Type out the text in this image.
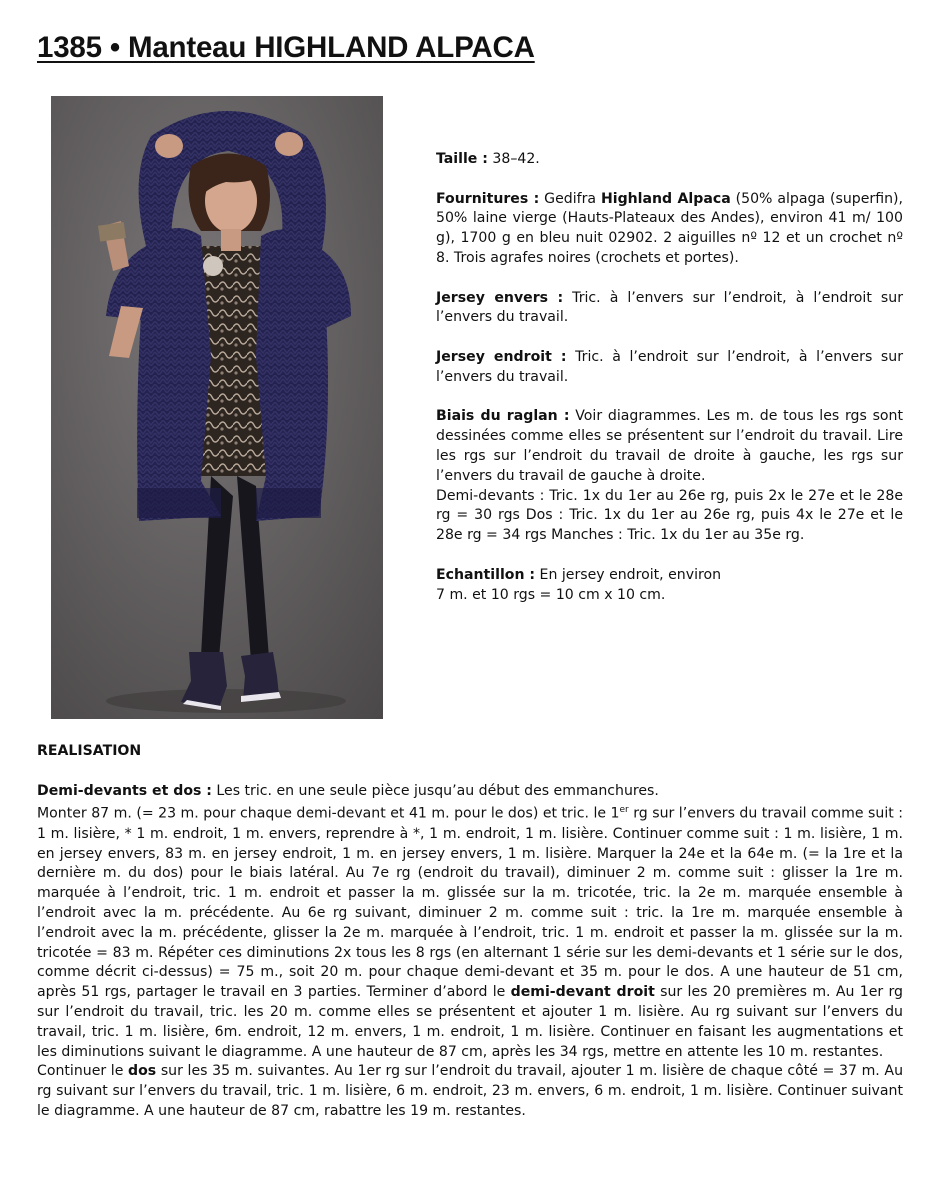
1385 • Manteau HIGHLAND ALPACA

Taille : 38–42.

Fournitures : Gedifra Highland Alpaca (50% alpaga (superfin), 50% laine vierge (Hauts-Plateaux des Andes), environ 41 m/ 100 g), 1700 g en bleu nuit 02902. 2 aiguilles nº 12 et un crochet nº 8. Trois agrafes noires (crochets et portes).

Jersey envers : Tric. à l’envers sur l’endroit, à l’endroit sur l’envers du travail.

Jersey endroit : Tric. à l’endroit sur l’endroit, à l’envers sur l’envers du travail.

Biais du raglan : Voir diagrammes. Les m. de tous les rgs sont dessinées comme elles se présentent sur l’endroit du travail. Lire les rgs sur l’endroit du travail de droite à gauche, les rgs sur l’envers du travail de gauche à droite.
Demi-devants : Tric. 1x du 1er au 26e rg, puis 2x le 27e et le 28e rg = 30 rgs Dos : Tric. 1x du 1er au 26e rg, puis 4x le 27e et le 28e rg = 34 rgs Manches : Tric. 1x du 1er au 35e rg.

Echantillon : En jersey endroit, environ
7 m. et 10 rgs = 10 cm x 10 cm.

REALISATION

Demi-devants et dos : Les tric. en une seule pièce jusqu’au début des emmanchures.

Monter 87 m. (= 23 m. pour chaque demi-devant et 41 m. pour le dos) et tric. le 1er rg sur l’envers du travail comme suit : 1 m. lisière, * 1 m. endroit, 1 m. envers, reprendre à *, 1 m. endroit, 1 m. lisière. Continuer comme suit : 1 m. lisière, 1 m. en jersey envers, 83 m. en jersey endroit, 1 m. en jersey envers, 1 m. lisière. Marquer la 24e et la 64e m. (= la 1re et la dernière m. du dos) pour le biais latéral. Au 7e rg (endroit du travail), diminuer 2 m. comme suit : glisser la 1re m. marquée à l’endroit, tric. 1 m. endroit et passer la m. glissée sur la m. tricotée, tric. la 2e m. marquée ensemble à l’endroit avec la m. précédente. Au 6e rg suivant, diminuer 2 m. comme suit : tric. la 1re m. marquée ensemble à l’endroit avec la m. précédente, glisser la 2e m. marquée à l’endroit, tric. 1 m. endroit et passer la m. glissée sur la m. tricotée = 83 m. Répéter ces diminutions 2x tous les 8 rgs (en alternant 1 série sur les demi-devants et 1 série sur le dos, comme décrit ci-dessus) = 75 m., soit 20 m. pour chaque demi-devant et 35 m. pour le dos. A une hauteur de 51 cm, après 51 rgs, partager le travail en 3 parties. Terminer d’abord le demi-devant droit sur les 20 premières m. Au 1er rg sur l’endroit du travail, tric. les 20 m. comme elles se présentent et ajouter 1 m. lisière. Au rg suivant sur l’envers du travail, tric. 1 m. lisière, 6m. endroit, 12 m. envers, 1 m. endroit, 1 m. lisière. Continuer en faisant les augmentations et les diminutions suivant le diagramme. A une hauteur de 87 cm, après les 34 rgs, mettre en attente les 10 m. restantes.

Continuer le dos sur les 35 m. suivantes. Au 1er rg sur l’endroit du travail, ajouter 1 m. lisière de chaque côté = 37 m. Au rg suivant sur l’envers du travail, tric. 1 m. lisière, 6 m. endroit, 23 m. envers, 6 m. endroit, 1 m. lisière. Continuer suivant le diagramme. A une hauteur de 87 cm, rabattre les 19 m. restantes.
